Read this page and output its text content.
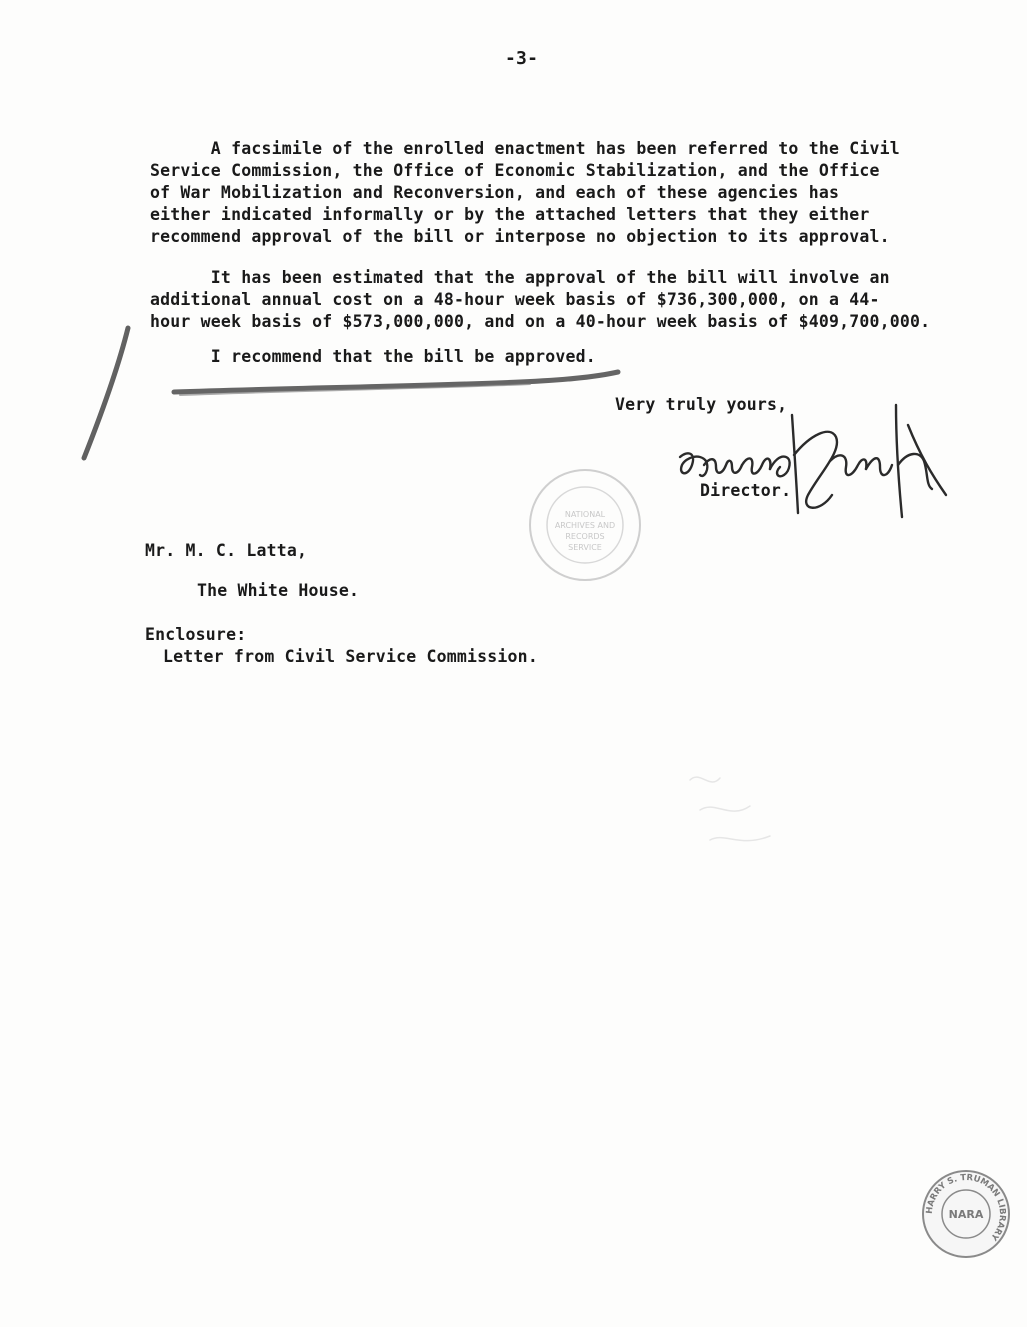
-3-
A facsimile of the enrolled enactment has been referred to the Civil
Service Commission, the Office of Economic Stabilization, and the Office
of War Mobilization and Reconversion, and each of these agencies has
either indicated informally or by the attached letters that they either
recommend approval of the bill or interpose no objection to its approval.
It has been estimated that the approval of the bill will involve an
additional annual cost on a 48-hour week basis of $736,300,000, on a 44-
hour week basis of $573,000,000, and on a 40-hour week basis of $409,700,000.
I recommend that the bill be approved.
Very truly yours,
NATIONAL
ARCHIVES AND
RECORDS
SERVICE
Director.
Mr. M. C. Latta,
The White House.
Enclosure:
Letter from Civil Service Commission.
HARRY S. TRUMAN LIBRARY
NARA
